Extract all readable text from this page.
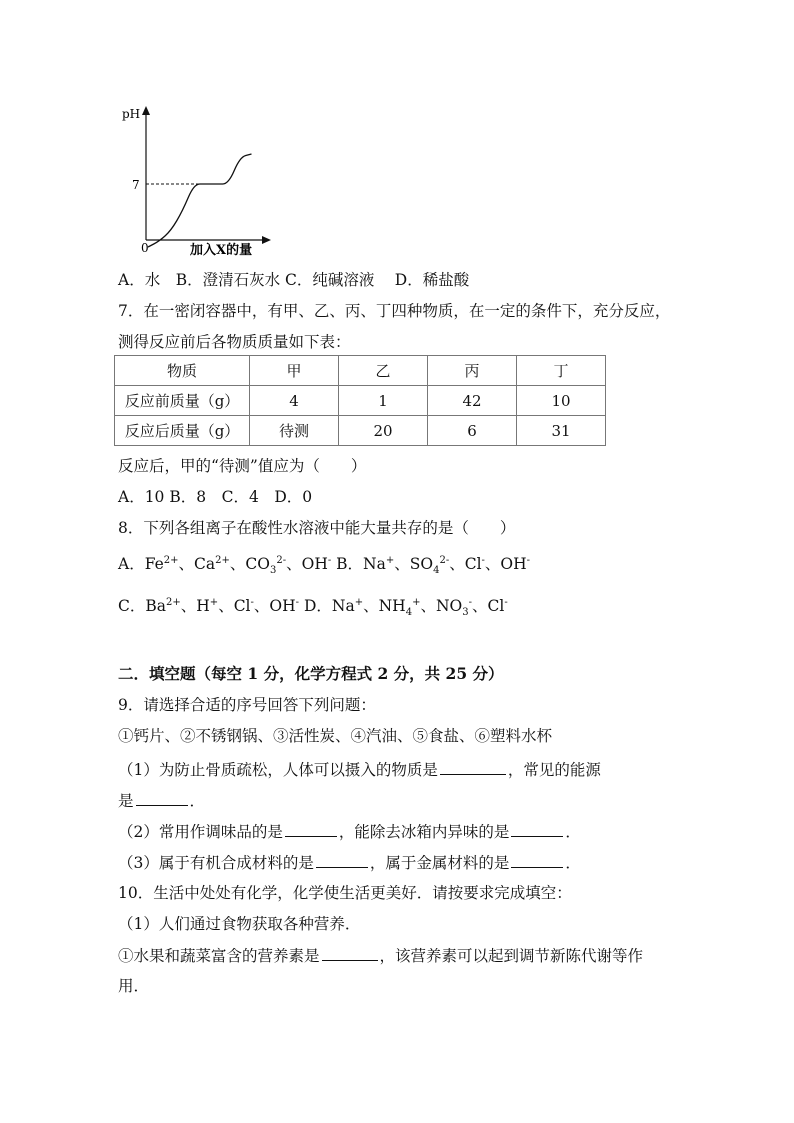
pH
7
0	加入X的量
A．水　B．澄清石灰水 C．纯碱溶液　 D．稀盐酸
7．在一密闭容器中，有甲、乙、丙、丁四种物质，在一定的条件下，充分反应，
测得反应前后各物质质量如下表：
物质	甲	乙	丙	丁
反应前质量（g）	4	1	42	10
反应后质量（g）	待测	20	6	31
反应后，甲的“待测”值应为（　　）
A．10 B．8　C．4　D．0
8．下列各组离子在酸性水溶液中能大量共存的是（　　）
A．$Fe^{2+}$、$Ca^{2+}$、$CO_3^{2-}$、OH- B．Na+、$SO_4^{2-}$、Cl-、OH-
C．$Ba^{2+}$、H+、Cl-、OH- D．Na+、$NH_4^+$、$NO_3^-$、Cl-
二．填空题（每空 1 分，化学方程式 2 分，共 25 分）
9．请选择合适的序号回答下列问题：
①钙片、②不锈钢锅、③活性炭、④汽油、⑤食盐、⑥塑料水杯
（1）为防止骨质疏松，人体可以摄入的物质是	，常见的能源
是	．
（2）常用作调味品的是	，能除去冰箱内异味的是	．
（3）属于有机合成材料的是	，属于金属材料的是	．
10．生活中处处有化学，化学使生活更美好．请按要求完成填空：
（1）人们通过食物获取各种营养．
①水果和蔬菜富含的营养素是	，该营养素可以起到调节新陈代谢等作
用．
